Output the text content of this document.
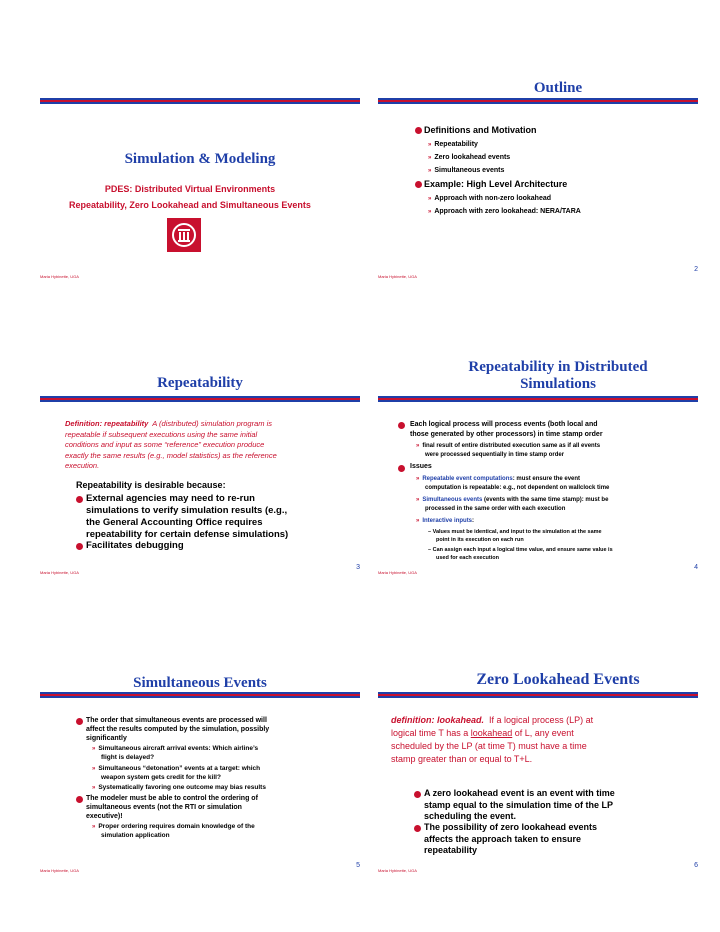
Simulation & Modeling
PDES: Distributed Virtual Environments
Repeatability, Zero Lookahead and Simultaneous Events
Maria Hybinette, UGA
Outline
Definitions and Motivation
» Repeatability
» Zero lookahead events
» Simultaneous events
Example: High Level Architecture
» Approach with non-zero lookahead
» Approach with zero lookahead: NERA/TARA
Maria Hybinette, UGA
2
Repeatability
Definition: repeatability A (distributed) simulation program is
repeatable if subsequent executions using the same initial
conditions and input as some “reference” execution produce
exactly the same results (e.g., model statistics) as the reference
execution.
Repeatability is desirable because:
External agencies may need to re-run
simulations to verify simulation results (e.g.,
the General Accounting Office requires
repeatability for certain defense simulations)
Facilitates debugging
Maria Hybinette, UGA
3
Repeatability in Distributed
Simulations
Each logical process will process events (both local and
those generated by other processors) in time stamp order
» final result of entire distributed execution same as if all events
were processed sequentially in time stamp order
Issues
» Repeatable event computations: must ensure the event
computation is repeatable: e.g., not dependent on wallclock time
» Simultaneous events (events with the same time stamp): must be
processed in the same order with each execution
» Interactive inputs:
– Values must be identical, and input to the simulation at the same
point in its execution on each run
– Can assign each input a logical time value, and ensure same value is
used for each execution
Maria Hybinette, UGA
4
Simultaneous Events
The order that simultaneous events are processed will
affect the results computed by the simulation, possibly
significantly
» Simultaneous aircraft arrival events: Which airline’s
flight is delayed?
» Simultaneous “detonation” events at a target: which
weapon system gets credit for the kill?
» Systematically favoring one outcome may bias results
The modeler must be able to control the ordering of
simultaneous events (not the RTI or simulation
executive)!
» Proper ordering requires domain knowledge of the
simulation application
Maria Hybinette, UGA
5
Zero Lookahead Events
definition: lookahead. If a logical process (LP) at
logical time T has a lookahead of L, any event
scheduled by the LP (at time T) must have a time
stamp greater than or equal to T+L.
A zero lookahead event is an event with time
stamp equal to the simulation time of the LP
scheduling the event.
The possibility of zero lookahead events
affects the approach taken to ensure
repeatability
Maria Hybinette, UGA
6
